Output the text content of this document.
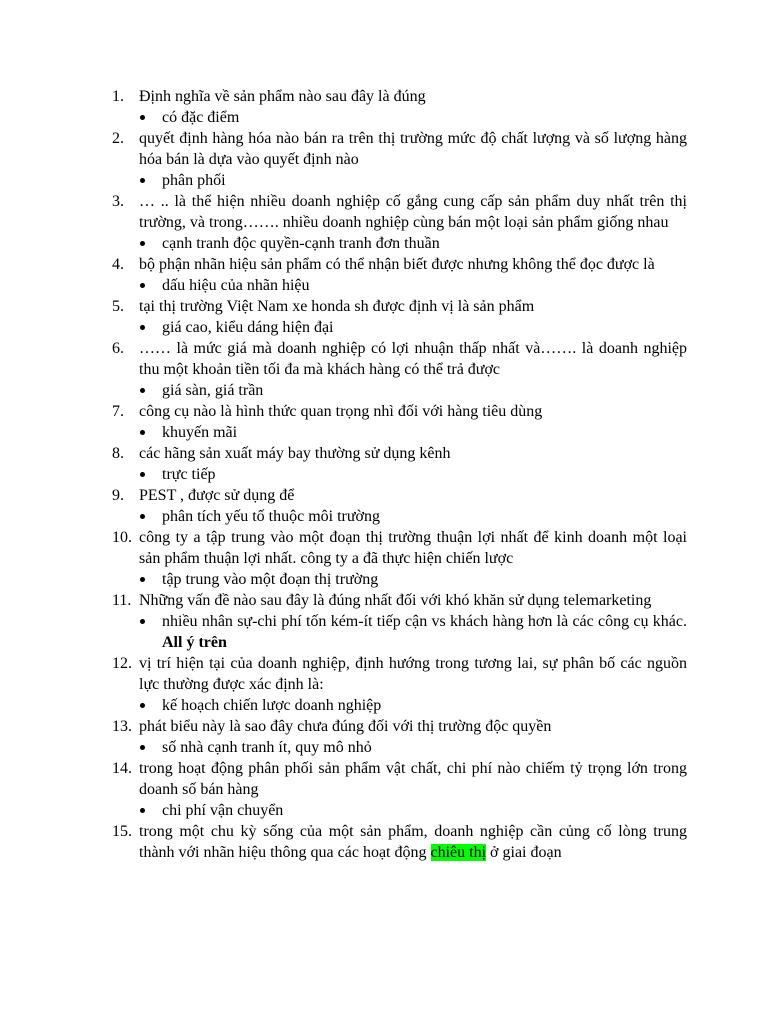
1. Định nghĩa về sản phẩm nào sau đây là đúng
có đặc điểm
2. quyết định hàng hóa nào bán ra trên thị trường mức độ chất lượng và số lượng hàng hóa bán là dựa vào quyết định nào
phân phối
3. … .. là thể hiện nhiều doanh nghiệp cố gắng cung cấp sản phẩm duy nhất trên thị trường, và trong……. nhiều doanh nghiệp cùng bán một loại sản phẩm giống nhau
cạnh tranh độc quyền-cạnh tranh đơn thuần
4. bộ phận nhãn hiệu sản phẩm có thể nhận biết được nhưng không thể đọc được là
dấu hiệu của nhãn hiệu
5. tại thị trường Việt Nam xe honda sh được định vị là sản phẩm
giá cao, kiểu dáng hiện đại
6. …… là mức giá mà doanh nghiệp có lợi nhuận thấp nhất và……. là doanh nghiệp thu một khoản tiền tối đa mà khách hàng có thể trả được
giá sàn, giá trần
7. công cụ nào là hình thức quan trọng nhì đối với hàng tiêu dùng
khuyến mãi
8. các hãng sản xuất máy bay thường sử dụng kênh
trực tiếp
9. PEST , được sử dụng để
phân tích yếu tố thuộc môi trường
10. công ty a tập trung vào một đoạn thị trường thuận lợi nhất để kinh doanh một loại sản phẩm thuận lợi nhất. công ty a đã thực hiện chiến lược
tập trung vào một đoạn thị trường
11. Những vấn đề nào sau đây là đúng nhất đối với khó khăn sử dụng telemarketing
nhiều nhân sự-chi phí tốn kém-ít tiếp cận vs khách hàng hơn là các công cụ khác. All ý trên
12. vị trí hiện tại của doanh nghiệp, định hướng trong tương lai, sự phân bố các nguồn lực thường được xác định là:
kế hoạch chiến lược doanh nghiệp
13. phát biểu này là sao đây chưa đúng đối với thị trường độc quyền
số nhà cạnh tranh ít, quy mô nhỏ
14. trong hoạt động phân phối sản phẩm vật chất, chi phí nào chiếm tỷ trọng lớn trong doanh số bán hàng
chi phí vận chuyển
15. trong một chu kỳ sống của một sản phẩm, doanh nghiệp cần củng cố lòng trung thành với nhãn hiệu thông qua các hoạt động chiêu thị ở giai đoạn
